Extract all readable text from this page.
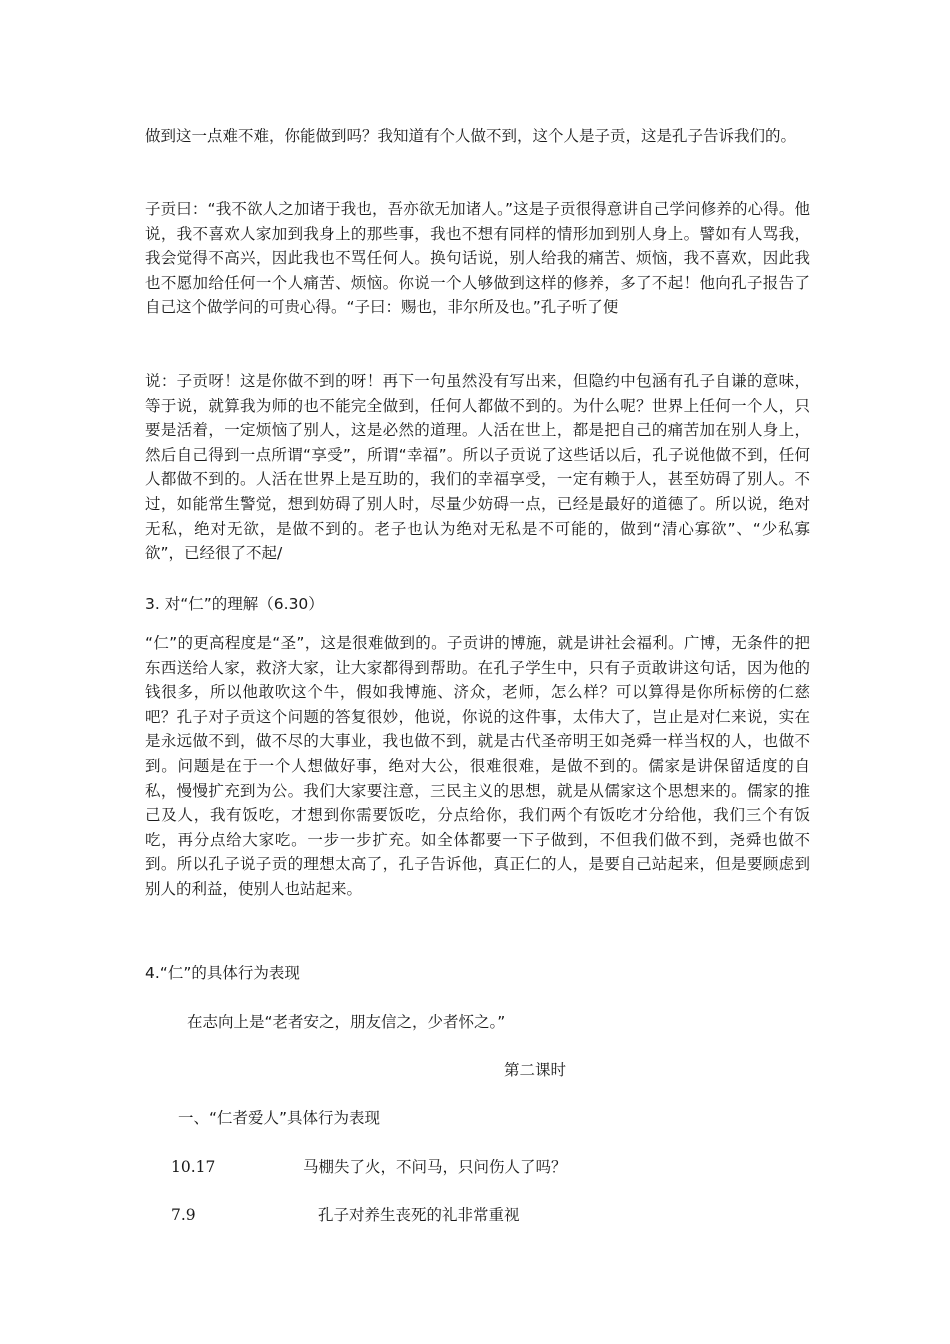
做到这一点难不难，你能做到吗？我知道有个人做不到，这个人是子贡，这是孔子告诉我们的。

子贡曰：“我不欲人之加诸于我也，吾亦欲无加诸人。”这是子贡很得意讲自己学问修养的心得。他说，我不喜欢人家加到我身上的那些事，我也不想有同样的情形加到别人身上。譬如有人骂我，我会觉得不高兴，因此我也不骂任何人。换句话说，别人给我的痛苦、烦恼，我不喜欢，因此我也不愿加给任何一个人痛苦、烦恼。你说一个人够做到这样的修养，多了不起！他向孔子报告了自己这个做学问的可贵心得。“子曰：赐也，非尔所及也。”孔子听了便

说：子贡呀！这是你做不到的呀！再下一句虽然没有写出来，但隐约中包涵有孔子自谦的意味，等于说，就算我为师的也不能完全做到，任何人都做不到的。为什么呢？世界上任何一个人，只要是活着，一定烦恼了别人，这是必然的道理。人活在世上，都是把自己的痛苦加在别人身上，然后自己得到一点所谓“享受”，所谓“幸福”。所以子贡说了这些话以后，孔子说他做不到，任何人都做不到的。人活在世界上是互助的，我们的幸福享受，一定有赖于人，甚至妨碍了别人。不过，如能常生警觉，想到妨碍了别人时，尽量少妨碍一点，已经是最好的道德了。所以说，绝对无私，绝对无欲，是做不到的。老子也认为绝对无私是不可能的，做到“清心寡欲”、“少私寡欲”，已经很了不起/

3. 对“仁”的理解（6.30）

“仁”的更高程度是“圣”，这是很难做到的。子贡讲的博施，就是讲社会福利。广博，无条件的把东西送给人家，救济大家，让大家都得到帮助。在孔子学生中，只有子贡敢讲这句话，因为他的钱很多，所以他敢吹这个牛，假如我博施、济众，老师，怎么样？可以算得是你所标傍的仁慈吧？孔子对子贡这个问题的答复很妙，他说，你说的这件事，太伟大了，岂止是对仁来说，实在是永远做不到，做不尽的大事业，我也做不到，就是古代圣帝明王如尧舜一样当权的人，也做不到。问题是在于一个人想做好事，绝对大公，很难很难，是做不到的。儒家是讲保留适度的自私，慢慢扩充到为公。我们大家要注意，三民主义的思想，就是从儒家这个思想来的。儒家的推己及人，我有饭吃，才想到你需要饭吃，分点给你，我们两个有饭吃才分给他，我们三个有饭吃，再分点给大家吃。一步一步扩充。如全体都要一下子做到，不但我们做不到，尧舜也做不到。所以孔子说子贡的理想太高了，孔子告诉他，真正仁的人，是要自己站起来，但是要顾虑到别人的利益，使别人也站起来。

4.“仁”的具体行为表现

在志向上是“老者安之，朋友信之，少者怀之。”

第二课时

一、“仁者爱人”具体行为表现

10.17	马棚失了火，不问马，只问伤人了吗？

7.9	孔子对养生丧死的礼非常重视
